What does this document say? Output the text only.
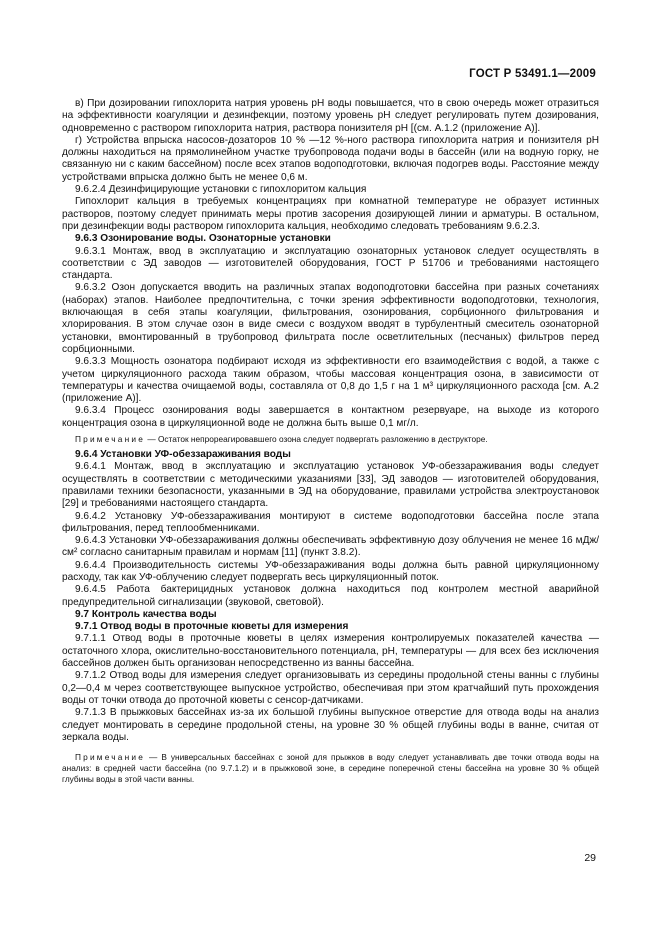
ГОСТ Р 53491.1—2009

в) При дозировании гипохлорита натрия уровень pH воды повышается, что в свою очередь может отразиться на эффективности коагуляции и дезинфекции, поэтому уровень pH следует регулировать путем дозирования, одновременно с раствором гипохлорита натрия, раствора понизителя pH [(см. А.1.2 (приложение А)].

г) Устройства впрыска насосов-дозаторов 10 % —12 %-ного раствора гипохлорита натрия и понизителя pH должны находиться на прямолинейном участке трубопровода подачи воды в бассейн (или на водную горку, не связанную ни с каким бассейном) после всех этапов водоподготовки, включая подогрев воды. Расстояние между устройствами впрыска должно быть не менее 0,6 м.

9.6.2.4 Дезинфицирующие установки с гипохлоритом кальция

Гипохлорит кальция в требуемых концентрациях при комнатной температуре не образует истинных растворов, поэтому следует принимать меры против засорения дозирующей линии и арматуры. В остальном, при дезинфекции воды раствором гипохлорита кальция, необходимо следовать требованиям 9.6.2.3.

9.6.3 Озонирование воды. Озонаторные установки

9.6.3.1 Монтаж, ввод в эксплуатацию и эксплуатацию озонаторных установок следует осуществлять в соответствии с ЭД заводов — изготовителей оборудования, ГОСТ Р 51706 и требованиями настоящего стандарта.

9.6.3.2 Озон допускается вводить на различных этапах водоподготовки бассейна при разных сочетаниях (наборах) этапов. Наиболее предпочтительна, с точки зрения эффективности водоподготовки, технология, включающая в себя этапы коагуляции, фильтрования, озонирования, сорбционного фильтрования и хлорирования. В этом случае озон в виде смеси с воздухом вводят в турбулентный смеситель озонаторной установки, вмонтированный в трубопровод фильтрата после осветлительных (песчаных) фильтров перед сорбционными.

9.6.3.3 Мощность озонатора подбирают исходя из эффективности его взаимодействия с водой, а также с учетом циркуляционного расхода таким образом, чтобы массовая концентрация озона, в зависимости от температуры и качества очищаемой воды, составляла от 0,8 до 1,5 г на 1 м³ циркуляционного расхода [см. А.2 (приложение А)].

9.6.3.4 Процесс озонирования воды завершается в контактном резервуаре, на выходе из которого концентрация озона в циркуляционной воде не должна быть выше 0,1 мг/л.

Примечание — Остаток непрореагировавшего озона следует подвергать разложению в деструкторе.

9.6.4 Установки УФ-обеззараживания воды

9.6.4.1 Монтаж, ввод в эксплуатацию и эксплуатацию установок УФ-обеззараживания воды следует осуществлять в соответствии с методическими указаниями [33], ЭД заводов — изготовителей оборудования, правилами техники безопасности, указанными в ЭД на оборудование, правилами устройства электроустановок [29] и требованиями настоящего стандарта.

9.6.4.2 Установку УФ-обеззараживания монтируют в системе водоподготовки бассейна после этапа фильтрования, перед теплообменниками.

9.6.4.3 Установки УФ-обеззараживания должны обеспечивать эффективную дозу облучения не менее 16 мДж/см² согласно санитарным правилам и нормам [11] (пункт 3.8.2).

9.6.4.4 Производительность системы УФ-обеззараживания воды должна быть равной циркуляционному расходу, так как УФ-облучению следует подвергать весь циркуляционный поток.

9.6.4.5 Работа бактерицидных установок должна находиться под контролем местной аварийной предупредительной сигнализации (звуковой, световой).

9.7 Контроль качества воды

9.7.1 Отвод воды в проточные кюветы для измерения

9.7.1.1 Отвод воды в проточные кюветы в целях измерения контролируемых показателей качества — остаточного хлора, окислительно-восстановительного потенциала, pH, температуры — для всех без исключения бассейнов должен быть организован непосредственно из ванны бассейна.

9.7.1.2 Отвод воды для измерения следует организовывать из середины продольной стены ванны с глубины 0,2—0,4 м через соответствующее выпускное устройство, обеспечивая при этом кратчайший путь прохождения воды от точки отвода до проточной кюветы с сенсор-датчиками.

9.7.1.3 В прыжковых бассейнах из-за их большой глубины выпускное отверстие для отвода воды на анализ следует монтировать в середине продольной стены, на уровне 30 % общей глубины воды в ванне, считая от зеркала воды.

Примечание — В универсальных бассейнах с зоной для прыжков в воду следует устанавливать две точки отвода воды на анализ: в средней части бассейна (по 9.7.1.2) и в прыжковой зоне, в середине поперечной стены бассейна на уровне 30 % общей глубины воды в этой части ванны.

29
